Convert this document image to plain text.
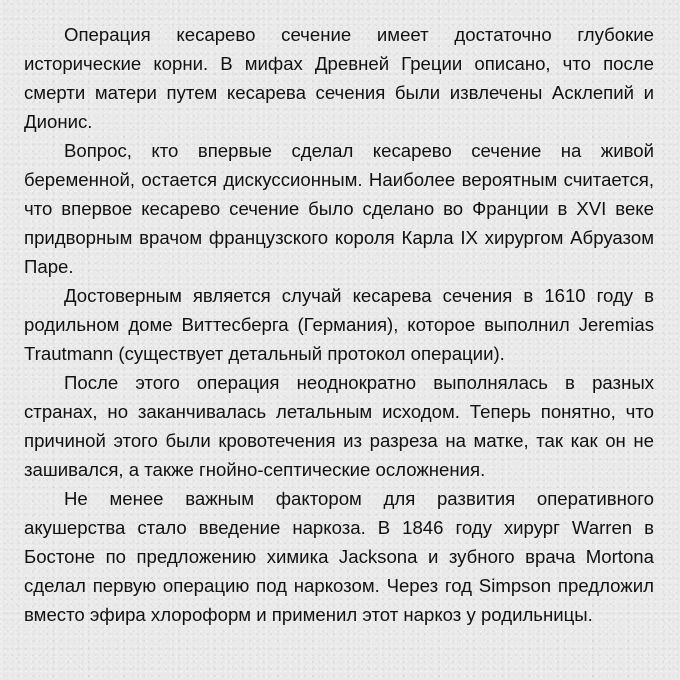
Операция кесарево сечение имеет достаточно глубокие исторические корни. В мифах Древней Греции описано, что после смерти матери путем кесарева сечения были извлечены Асклепий и Дионис.

Вопрос, кто впервые сделал кесарево сечение на живой беременной, остается дискуссионным. Наиболее вероятным считается, что впервое кесарево сечение было сделано во Франции в XVI веке придворным врачом французского короля Карла IX хирургом Абруазом Паре.

Достоверным является случай кесарева сечения в 1610 году в родильном доме Виттесберга (Германия), которое выполнил Jeremias Trautmann (существует детальный протокол операции).

После этого операция неоднократно выполнялась в разных странах, но заканчивалась летальным исходом. Теперь понятно, что причиной этого были кровотечения из разреза на матке, так как он не зашивался, а также гнойно-септические осложнения.

Не менее важным фактором для развития оперативного акушерства стало введение наркоза. В 1846 году хирург Warren в Бостоне по предложению химика Jacksonа и зубного врача Mortonа сделал первую операцию под наркозом. Через год Simpson предложил вместо эфира хлороформ и применил этот наркоз у родильницы.
